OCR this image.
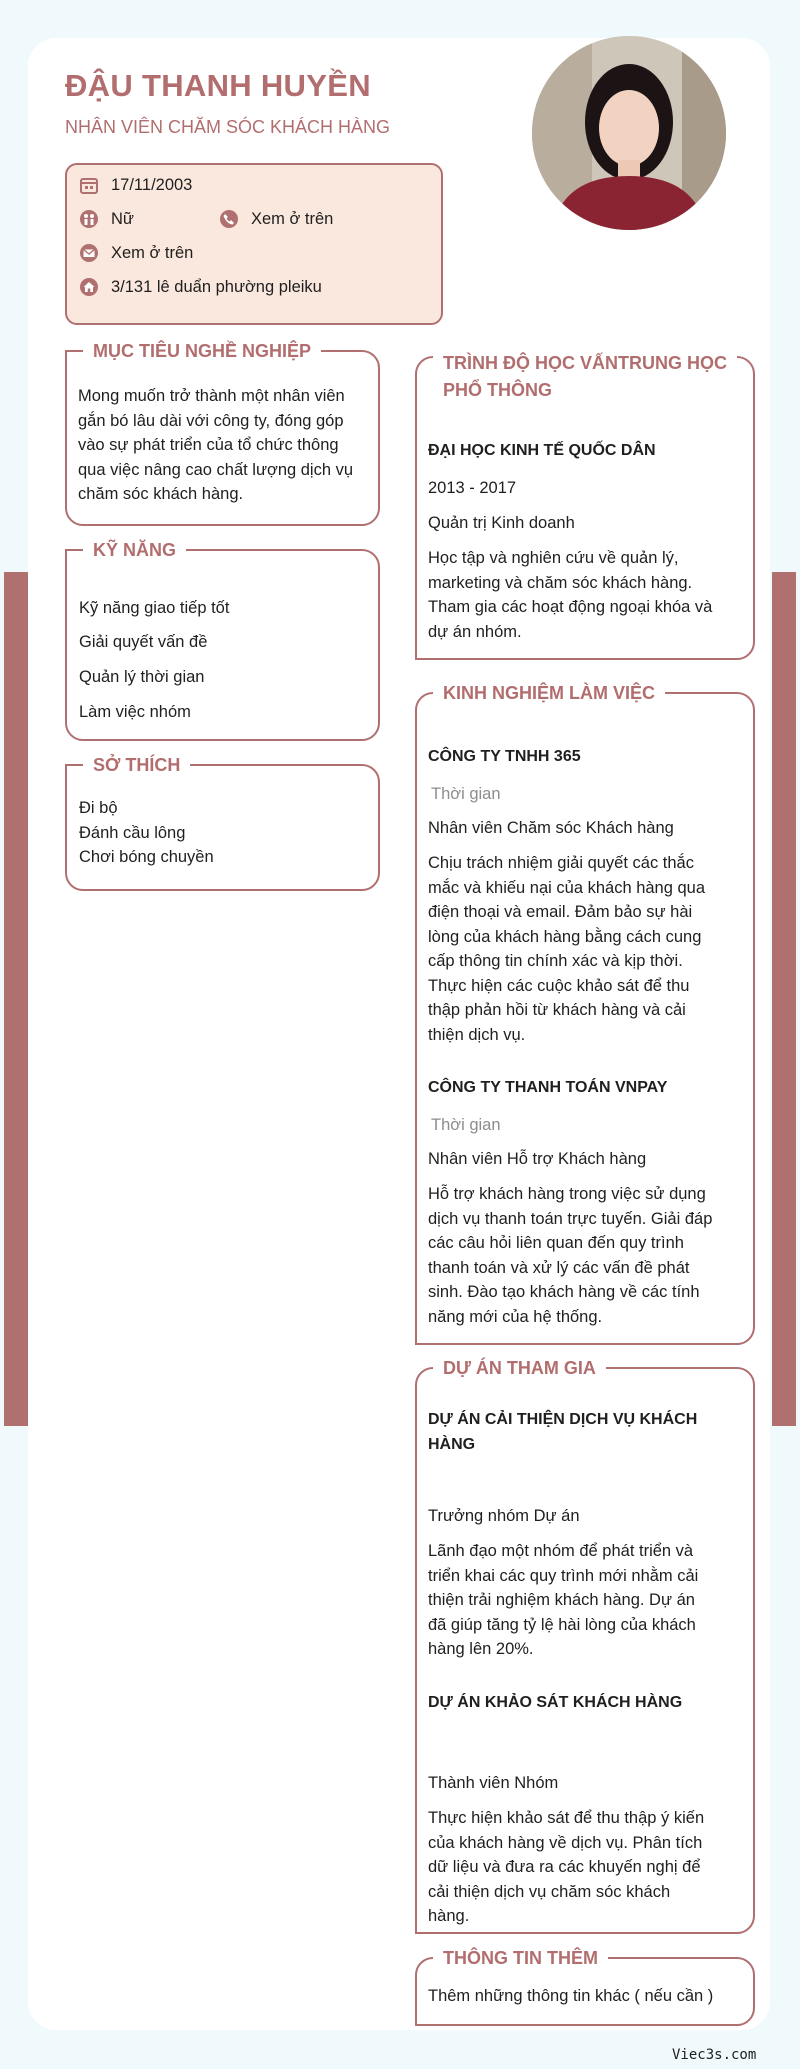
ĐẬU THANH HUYỀN
NHÂN VIÊN CHĂM SÓC KHÁCH HÀNG
17/11/2003
Nữ	Xem ở trên
Xem ở trên
3/131 lê duẩn phường pleiku
MỤC TIÊU NGHỀ NGHIỆP
Mong muốn trở thành một nhân viên
gắn bó lâu dài với công ty, đóng góp
vào sự phát triển của tổ chức thông
qua việc nâng cao chất lượng dịch vụ
chăm sóc khách hàng.
KỸ NĂNG
Kỹ năng giao tiếp tốt
Giải quyết vấn đề
Quản lý thời gian
Làm việc nhóm
SỞ THÍCH
Đi bộ
Đánh cầu lông
Chơi bóng chuyền
TRÌNH ĐỘ HỌC VẤNTRUNG HỌC
PHỔ THÔNG
ĐẠI HỌC KINH TẾ QUỐC DÂN
2013 - 2017
Quản trị Kinh doanh
Học tập và nghiên cứu về quản lý,
marketing và chăm sóc khách hàng.
Tham gia các hoạt động ngoại khóa và
dự án nhóm.
KINH NGHIỆM LÀM VIỆC
CÔNG TY TNHH 365
Thời gian
Nhân viên Chăm sóc Khách hàng
Chịu trách nhiệm giải quyết các thắc
mắc và khiếu nại của khách hàng qua
điện thoại và email. Đảm bảo sự hài
lòng của khách hàng bằng cách cung
cấp thông tin chính xác và kịp thời.
Thực hiện các cuộc khảo sát để thu
thập phản hồi từ khách hàng và cải
thiện dịch vụ.
CÔNG TY THANH TOÁN VNPAY
Thời gian
Nhân viên Hỗ trợ Khách hàng
Hỗ trợ khách hàng trong việc sử dụng
dịch vụ thanh toán trực tuyến. Giải đáp
các câu hỏi liên quan đến quy trình
thanh toán và xử lý các vấn đề phát
sinh. Đào tạo khách hàng về các tính
năng mới của hệ thống.
DỰ ÁN THAM GIA
DỰ ÁN CẢI THIỆN DỊCH VỤ KHÁCH
HÀNG
Trưởng nhóm Dự án
Lãnh đạo một nhóm để phát triển và
triển khai các quy trình mới nhằm cải
thiện trải nghiệm khách hàng. Dự án
đã giúp tăng tỷ lệ hài lòng của khách
hàng lên 20%.
DỰ ÁN KHẢO SÁT KHÁCH HÀNG
Thành viên Nhóm
Thực hiện khảo sát để thu thập ý kiến
của khách hàng về dịch vụ. Phân tích
dữ liệu và đưa ra các khuyến nghị để
cải thiện dịch vụ chăm sóc khách
hàng.
THÔNG TIN THÊM
Thêm những thông tin khác ( nếu cần )
Viec3s.com
